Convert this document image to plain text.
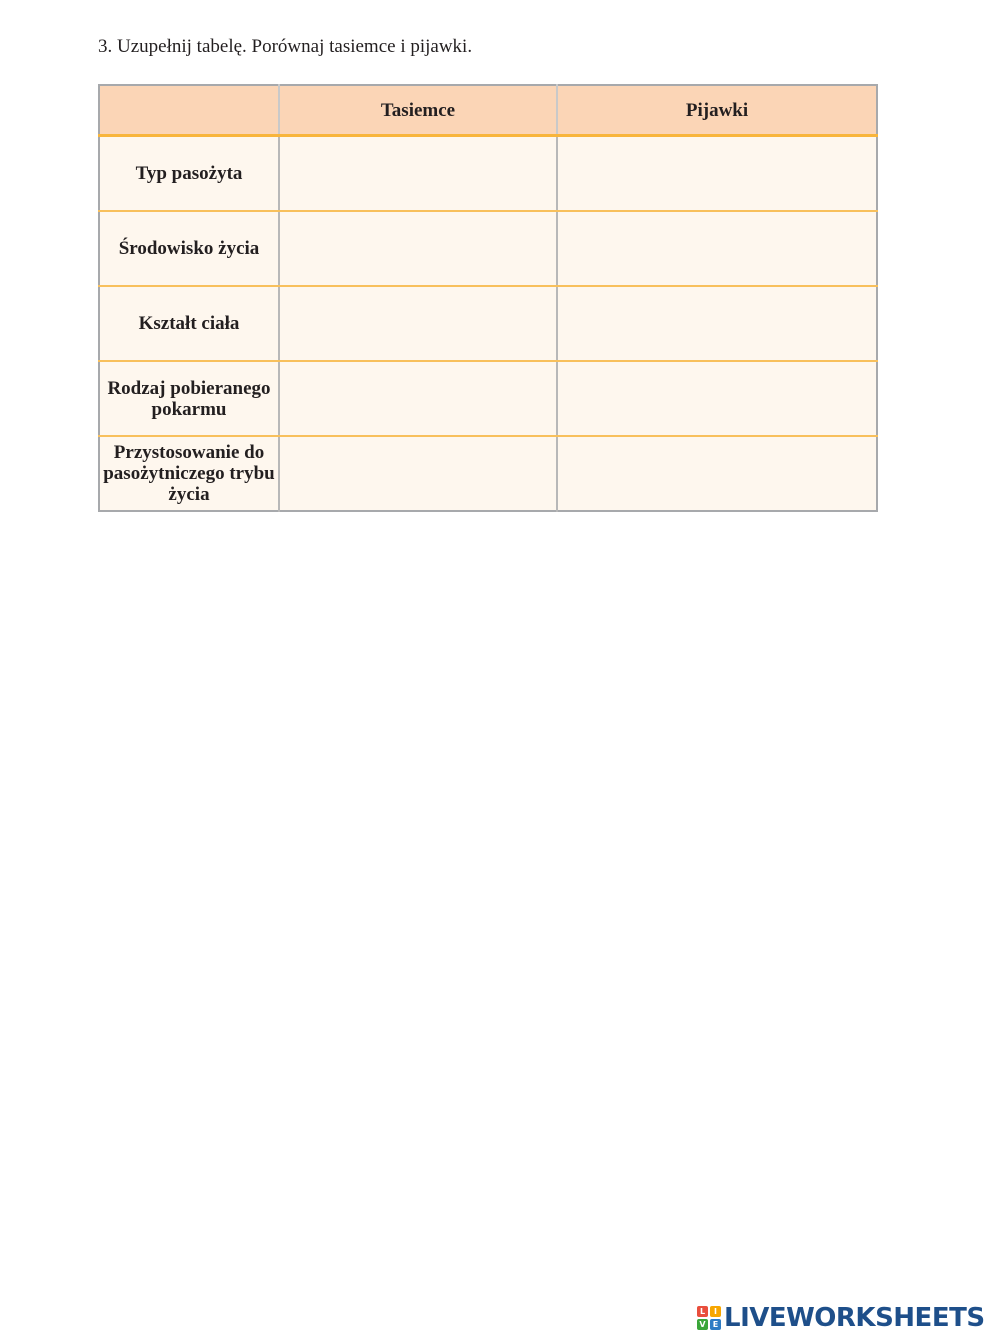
3. Uzupełnij tabelę. Porównaj tasiemce i pijawki.
	Tasiemce	Pijawki
Typ pasożyta		
Środowisko życia		
Kształt ciała		
Rodzaj pobieranego pokarmu		
Przystosowanie do pasożytniczego trybu życia		
L	I
V E LIVEWORKSHEETS
